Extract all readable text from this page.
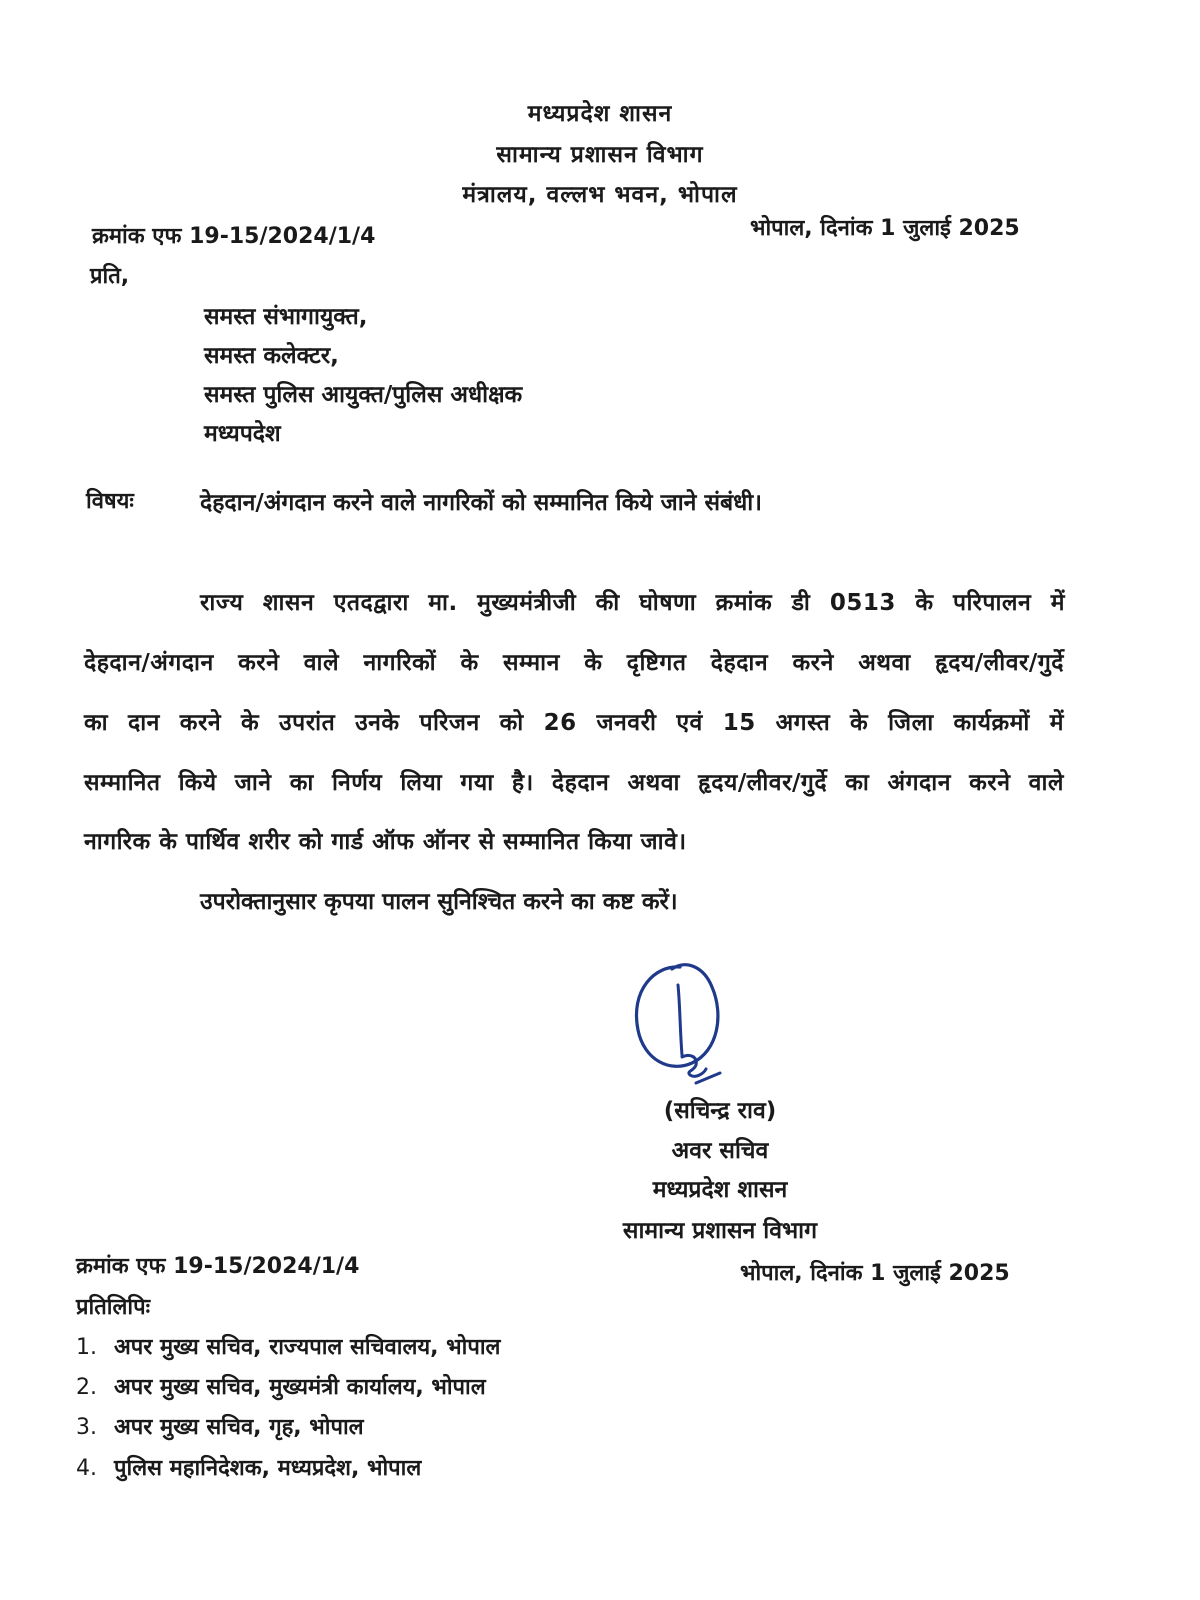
मध्यप्रदेश शासन
सामान्य प्रशासन विभाग
मंत्रालय, वल्लभ भवन, भोपाल
क्रमांक एफ 19-15/2024/1/4	भोपाल, दिनांक 1 जुलाई 2025
प्रति,
समस्त संभागायुक्त,
समस्त कलेक्टर,
समस्त पुलिस आयुक्त/पुलिस अधीक्षक
मध्यपदेश
विषयः	देहदान/अंगदान करने वाले नागरिकों को सम्मानित किये जाने संबंधी।
राज्य शासन एतदद्वारा मा. मुख्यमंत्रीजी की घोषणा क्रमांक डी 0513 के परिपालन में
देहदान/अंगदान करने वाले नागरिकों के सम्मान के दृष्टिगत देहदान करने अथवा हृदय/लीवर/गुर्दे
का दान करने के उपरांत उनके परिजन को 26 जनवरी एवं 15 अगस्त के जिला कार्यक्रमों में
सम्मानित किये जाने का निर्णय लिया गया है। देहदान अथवा हृदय/लीवर/गुर्दे का अंगदान करने वाले
नागरिक के पार्थिव शरीर को गार्ड ऑफ ऑनर से सम्मानित किया जावे।
उपरोक्तानुसार कृपया पालन सुनिश्चित करने का कष्ट करें।
(सचिन्द्र राव)
अवर सचिव
मध्यप्रदेश शासन
सामान्य प्रशासन विभाग
क्रमांक एफ 19-15/2024/1/4	भोपाल, दिनांक 1 जुलाई 2025
प्रतिलिपिः
1. अपर मुख्य सचिव, राज्यपाल सचिवालय, भोपाल
2. अपर मुख्य सचिव, मुख्यमंत्री कार्यालय, भोपाल
3. अपर मुख्य सचिव, गृह, भोपाल
4. पुलिस महानिदेशक, मध्यप्रदेश, भोपाल
